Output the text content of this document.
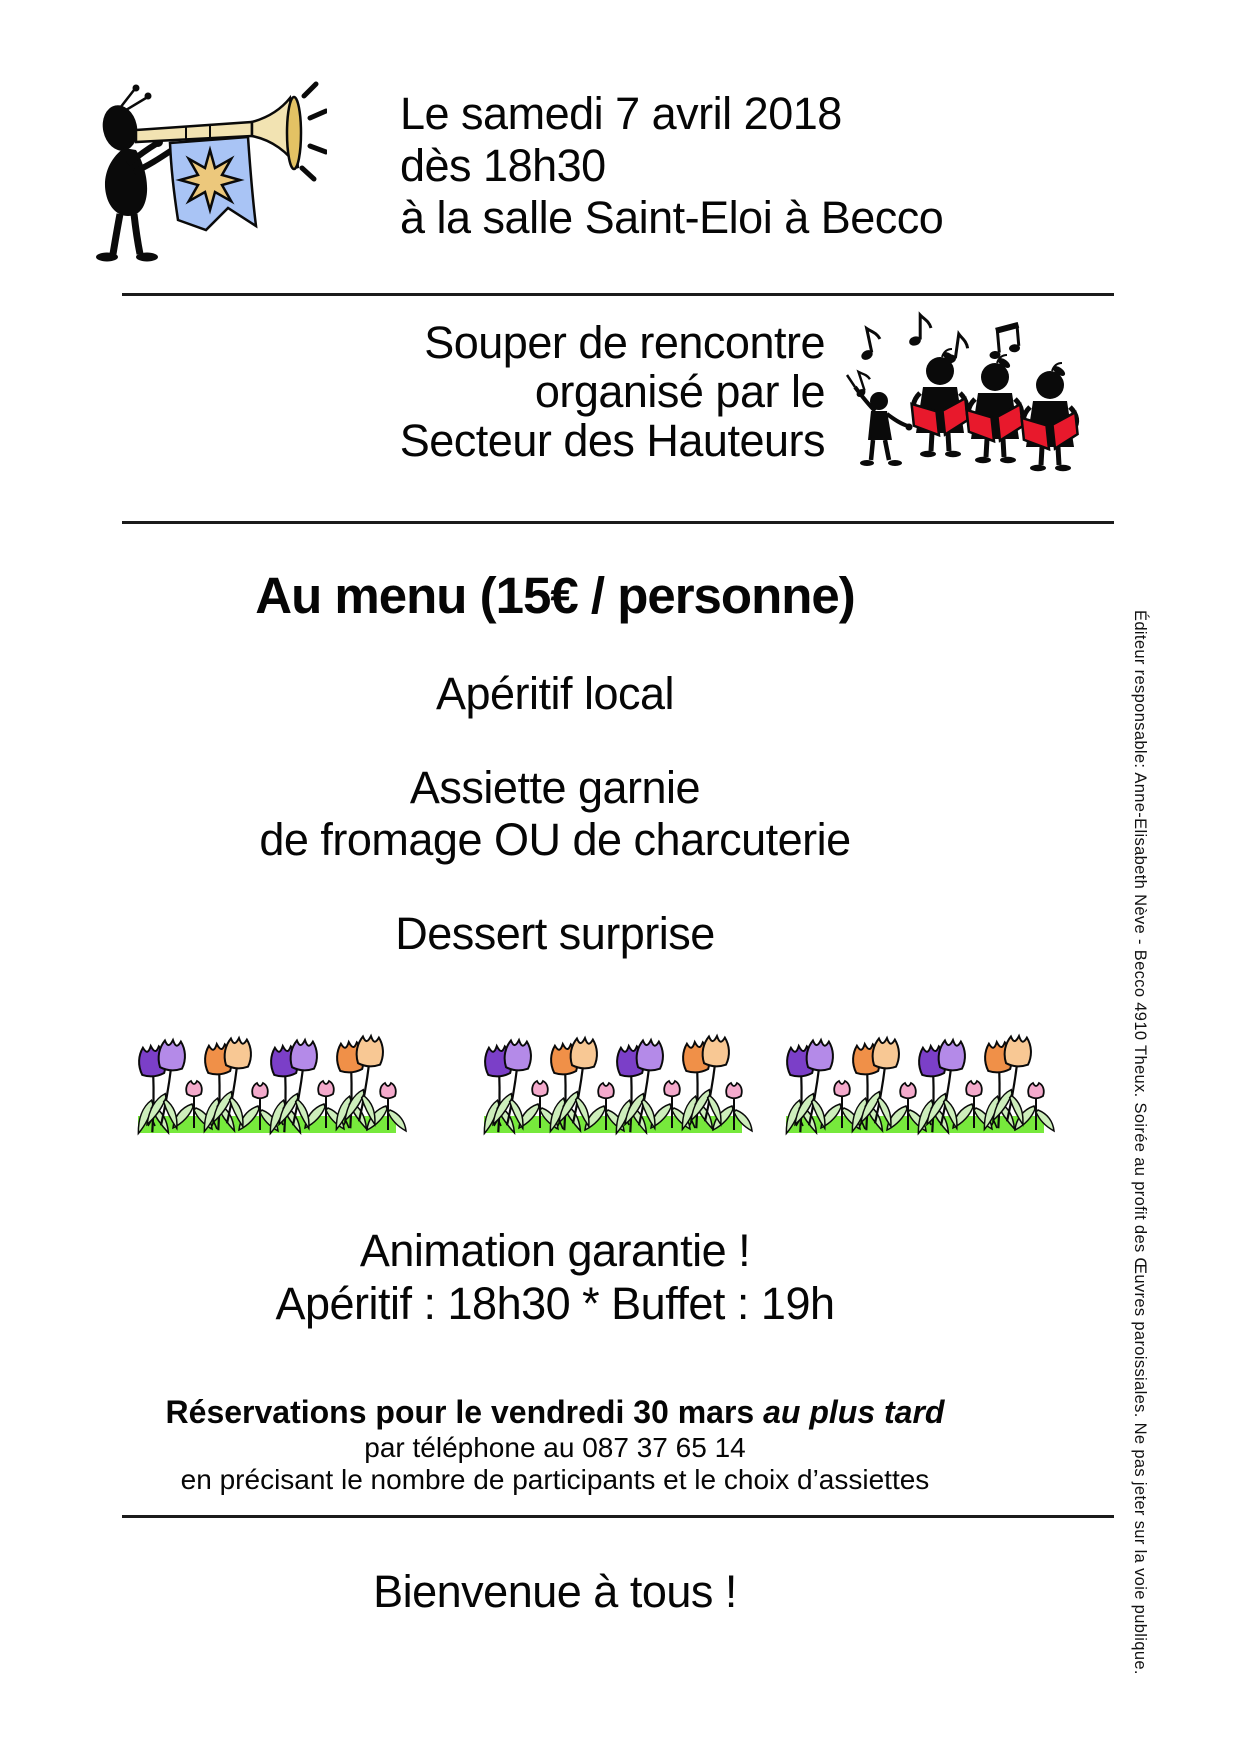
Le samedi 7 avril 2018
dès 18h30
à la salle Saint-Eloi à Becco
Souper de rencontre
organisé par le
Secteur des Hauteurs
Au menu (15€ / personne)
Apéritif local
Assiette garnie
de fromage OU de charcuterie
Dessert surprise
Animation garantie !
Apéritif : 18h30 * Buffet : 19h
Réservations pour le vendredi 30 mars au plus tard
par téléphone au 087 37 65 14
en précisant le nombre de participants et le choix d’assiettes
Bienvenue à tous !	Éditeur responsable: Anne-Elisabeth Nève - Becco 4910 Theux. Soirée au profit des Œuvres paroissiales. Ne pas jeter sur la voie publique.
